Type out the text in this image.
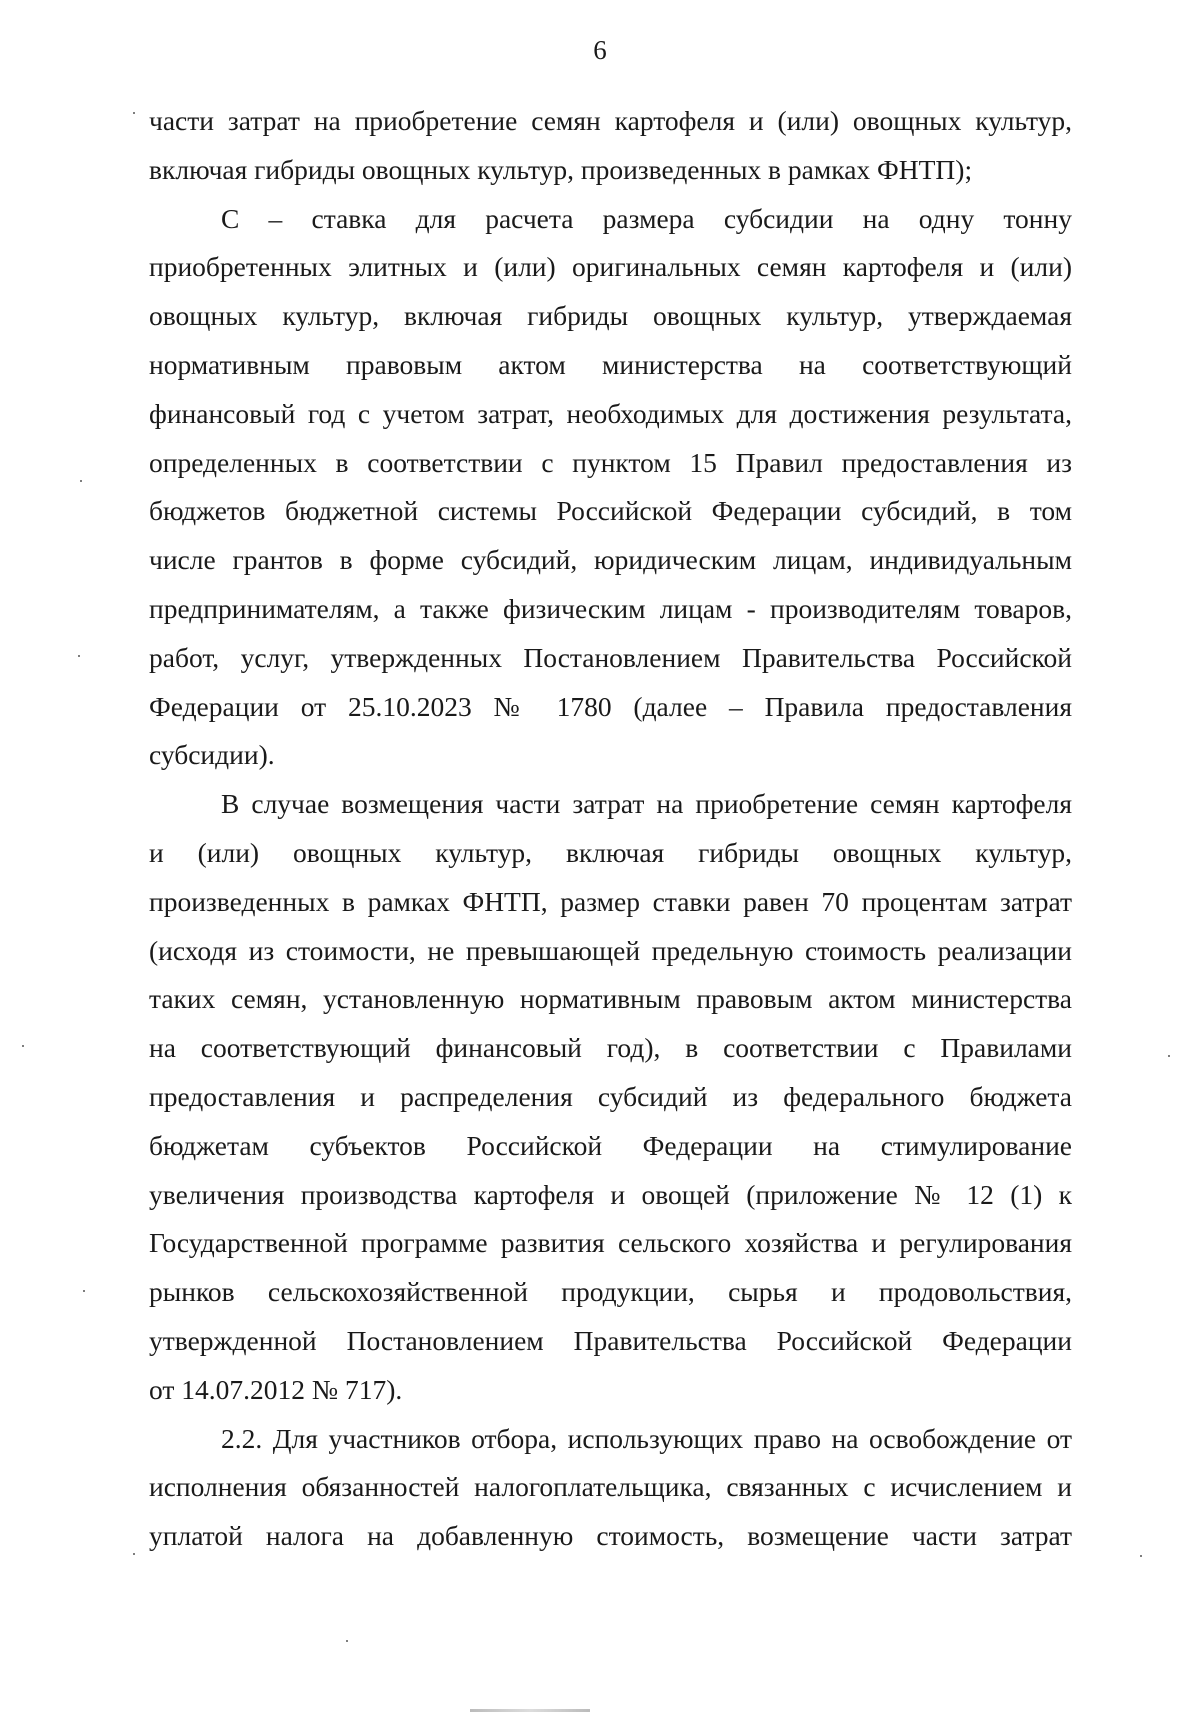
6

части затрат на приобретение семян картофеля и (или) овощных культур,

включая гибриды овощных культур, произведенных в рамках ФНТП);

С – ставка для расчета размера субсидии на одну тонну

приобретенных элитных и (или) оригинальных семян картофеля и (или)

овощных культур, включая гибриды овощных культур, утверждаемая

нормативным правовым актом министерства на соответствующий

финансовый год с учетом затрат, необходимых для достижения результата,

определенных в соответствии с пунктом 15 Правил предоставления из

бюджетов бюджетной системы Российской Федерации субсидий, в том

числе грантов в форме субсидий, юридическим лицам, индивидуальным

предпринимателям, а также физическим лицам - производителям товаров,

работ, услуг, утвержденных Постановлением Правительства Российской

Федерации от 25.10.2023 № 1780 (далее – Правила предоставления

субсидии).

В случае возмещения части затрат на приобретение семян картофеля

и (или) овощных культур, включая гибриды овощных культур,

произведенных в рамках ФНТП, размер ставки равен 70 процентам затрат

(исходя из стоимости, не превышающей предельную стоимость реализации

таких семян, установленную нормативным правовым актом министерства

на соответствующий финансовый год), в соответствии с Правилами

предоставления и распределения субсидий из федерального бюджета

бюджетам субъектов Российской Федерации на стимулирование

увеличения производства картофеля и овощей (приложение № 12 (1) к

Государственной программе развития сельского хозяйства и регулирования

рынков сельскохозяйственной продукции, сырья и продовольствия,

утвержденной Постановлением Правительства Российской Федерации

от 14.07.2012 № 717).

2.2. Для участников отбора, использующих право на освобождение от

исполнения обязанностей налогоплательщика, связанных с исчислением и

уплатой налога на добавленную стоимость, возмещение части затрат
